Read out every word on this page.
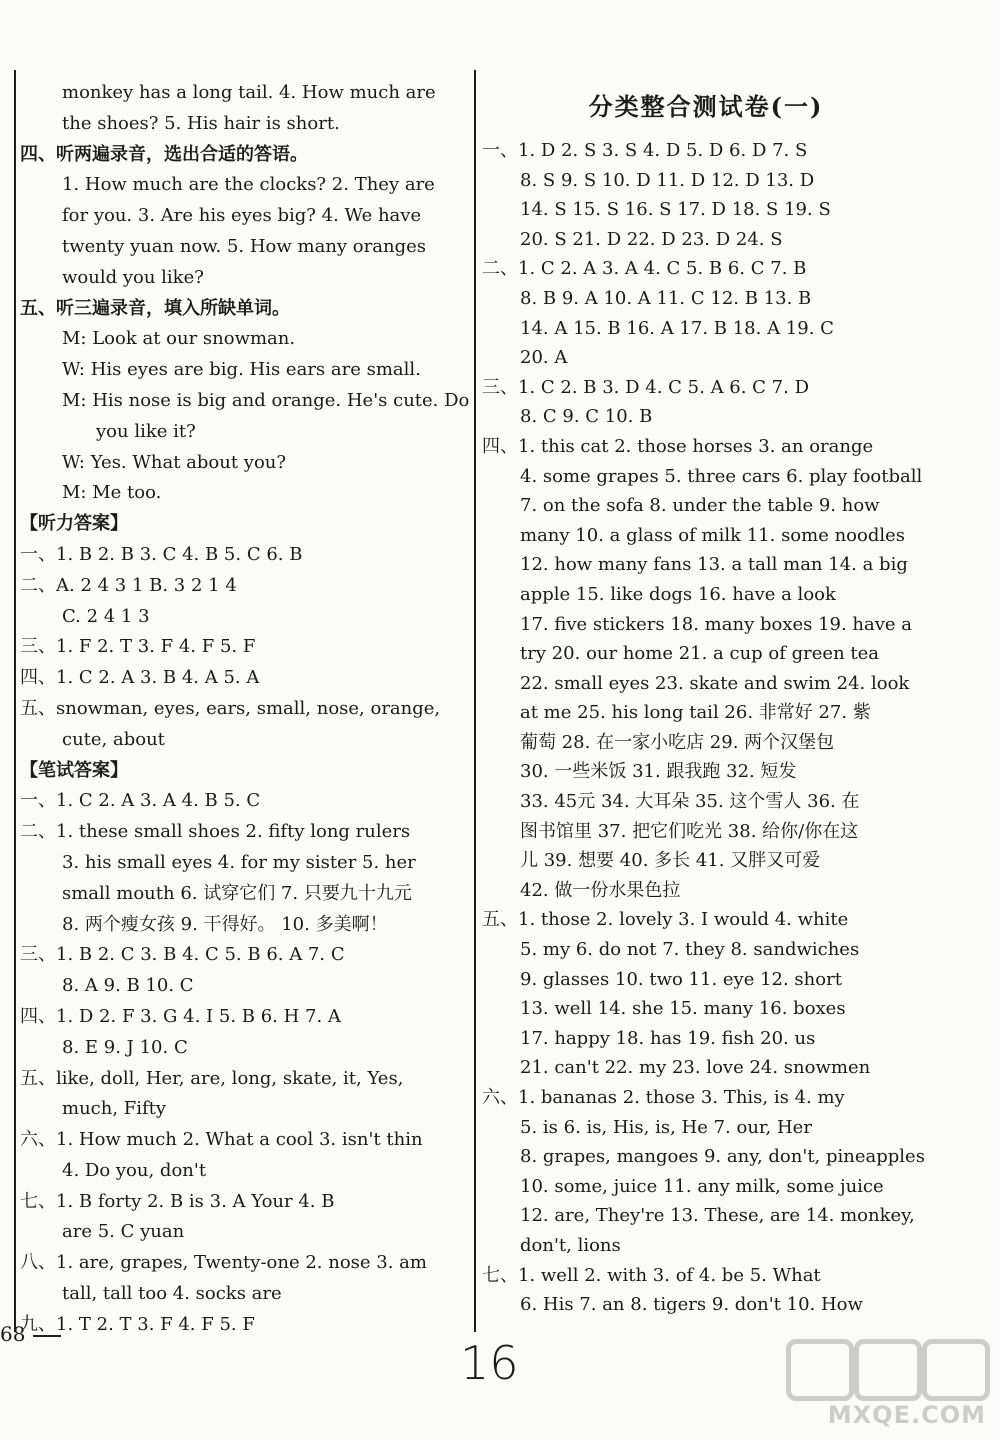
monkey has a long tail. 4. How much are
the shoes? 5. His hair is short.
四、听两遍录音，选出合适的答语。
1. How much are the clocks? 2. They are
for you. 3. Are his eyes big? 4. We have
twenty yuan now. 5. How many oranges
would you like?
五、听三遍录音，填入所缺单词。
M: Look at our snowman.
W: His eyes are big. His ears are small.
M: His nose is big and orange. He's cute. Do
you like it?
W: Yes. What about you?
M: Me too.
【听力答案】
一、1. B 2. B 3. C 4. B 5. C 6. B
二、A. 2 4 3 1 B. 3 2 1 4
C. 2 4 1 3
三、1. F 2. T 3. F 4. F 5. F
四、1. C 2. A 3. B 4. A 5. A
五、snowman, eyes, ears, small, nose, orange,
cute, about
【笔试答案】
一、1. C 2. A 3. A 4. B 5. C
二、1. these small shoes 2. fifty long rulers
3. his small eyes 4. for my sister 5. her
small mouth 6. 试穿它们 7. 只要九十九元
8. 两个瘦女孩 9. 干得好。 10. 多美啊！
三、1. B 2. C 3. B 4. C 5. B 6. A 7. C
8. A 9. B 10. C
四、1. D 2. F 3. G 4. I 5. B 6. H 7. A
8. E 9. J 10. C
五、like, doll, Her, are, long, skate, it, Yes,
much, Fifty
六、1. How much 2. What a cool 3. isn't thin
4. Do you, don't
七、1. B forty 2. B is 3. A Your 4. B
are 5. C yuan
八、1. are, grapes, Twenty-one 2. nose 3. am
tall, tall too 4. socks are
九、1. T 2. T 3. F 4. F 5. F
分类整合测试卷(一)
一、1. D 2. S 3. S 4. D 5. D 6. D 7. S
8. S 9. S 10. D 11. D 12. D 13. D
14. S 15. S 16. S 17. D 18. S 19. S
20. S 21. D 22. D 23. D 24. S
二、1. C 2. A 3. A 4. C 5. B 6. C 7. B
8. B 9. A 10. A 11. C 12. B 13. B
14. A 15. B 16. A 17. B 18. A 19. C
20. A
三、1. C 2. B 3. D 4. C 5. A 6. C 7. D
8. C 9. C 10. B
四、1. this cat 2. those horses 3. an orange
4. some grapes 5. three cars 6. play football
7. on the sofa 8. under the table 9. how
many 10. a glass of milk 11. some noodles
12. how many fans 13. a tall man 14. a big
apple 15. like dogs 16. have a look
17. five stickers 18. many boxes 19. have a
try 20. our home 21. a cup of green tea
22. small eyes 23. skate and swim 24. look
at me 25. his long tail 26. 非常好 27. 紫
葡萄 28. 在一家小吃店 29. 两个汉堡包
30. 一些米饭 31. 跟我跑 32. 短发
33. 45元 34. 大耳朵 35. 这个雪人 36. 在
图书馆里 37. 把它们吃光 38. 给你/你在这
儿 39. 想要 40. 多长 41. 又胖又可爱
42. 做一份水果色拉
五、1. those 2. lovely 3. I would 4. white
5. my 6. do not 7. they 8. sandwiches
9. glasses 10. two 11. eye 12. short
13. well 14. she 15. many 16. boxes
17. happy 18. has 19. fish 20. us
21. can't 22. my 23. love 24. snowmen
六、1. bananas 2. those 3. This, is 4. my
5. is 6. is, His, is, He 7. our, Her
8. grapes, mangoes 9. any, don't, pineapples
10. some, juice 11. any milk, some juice
12. are, They're 13. These, are 14. monkey,
don't, lions
七、1. well 2. with 3. of 4. be 5. What
6. His 7. an 8. tigers 9. don't 10. How
68
16
MXQE.COM
